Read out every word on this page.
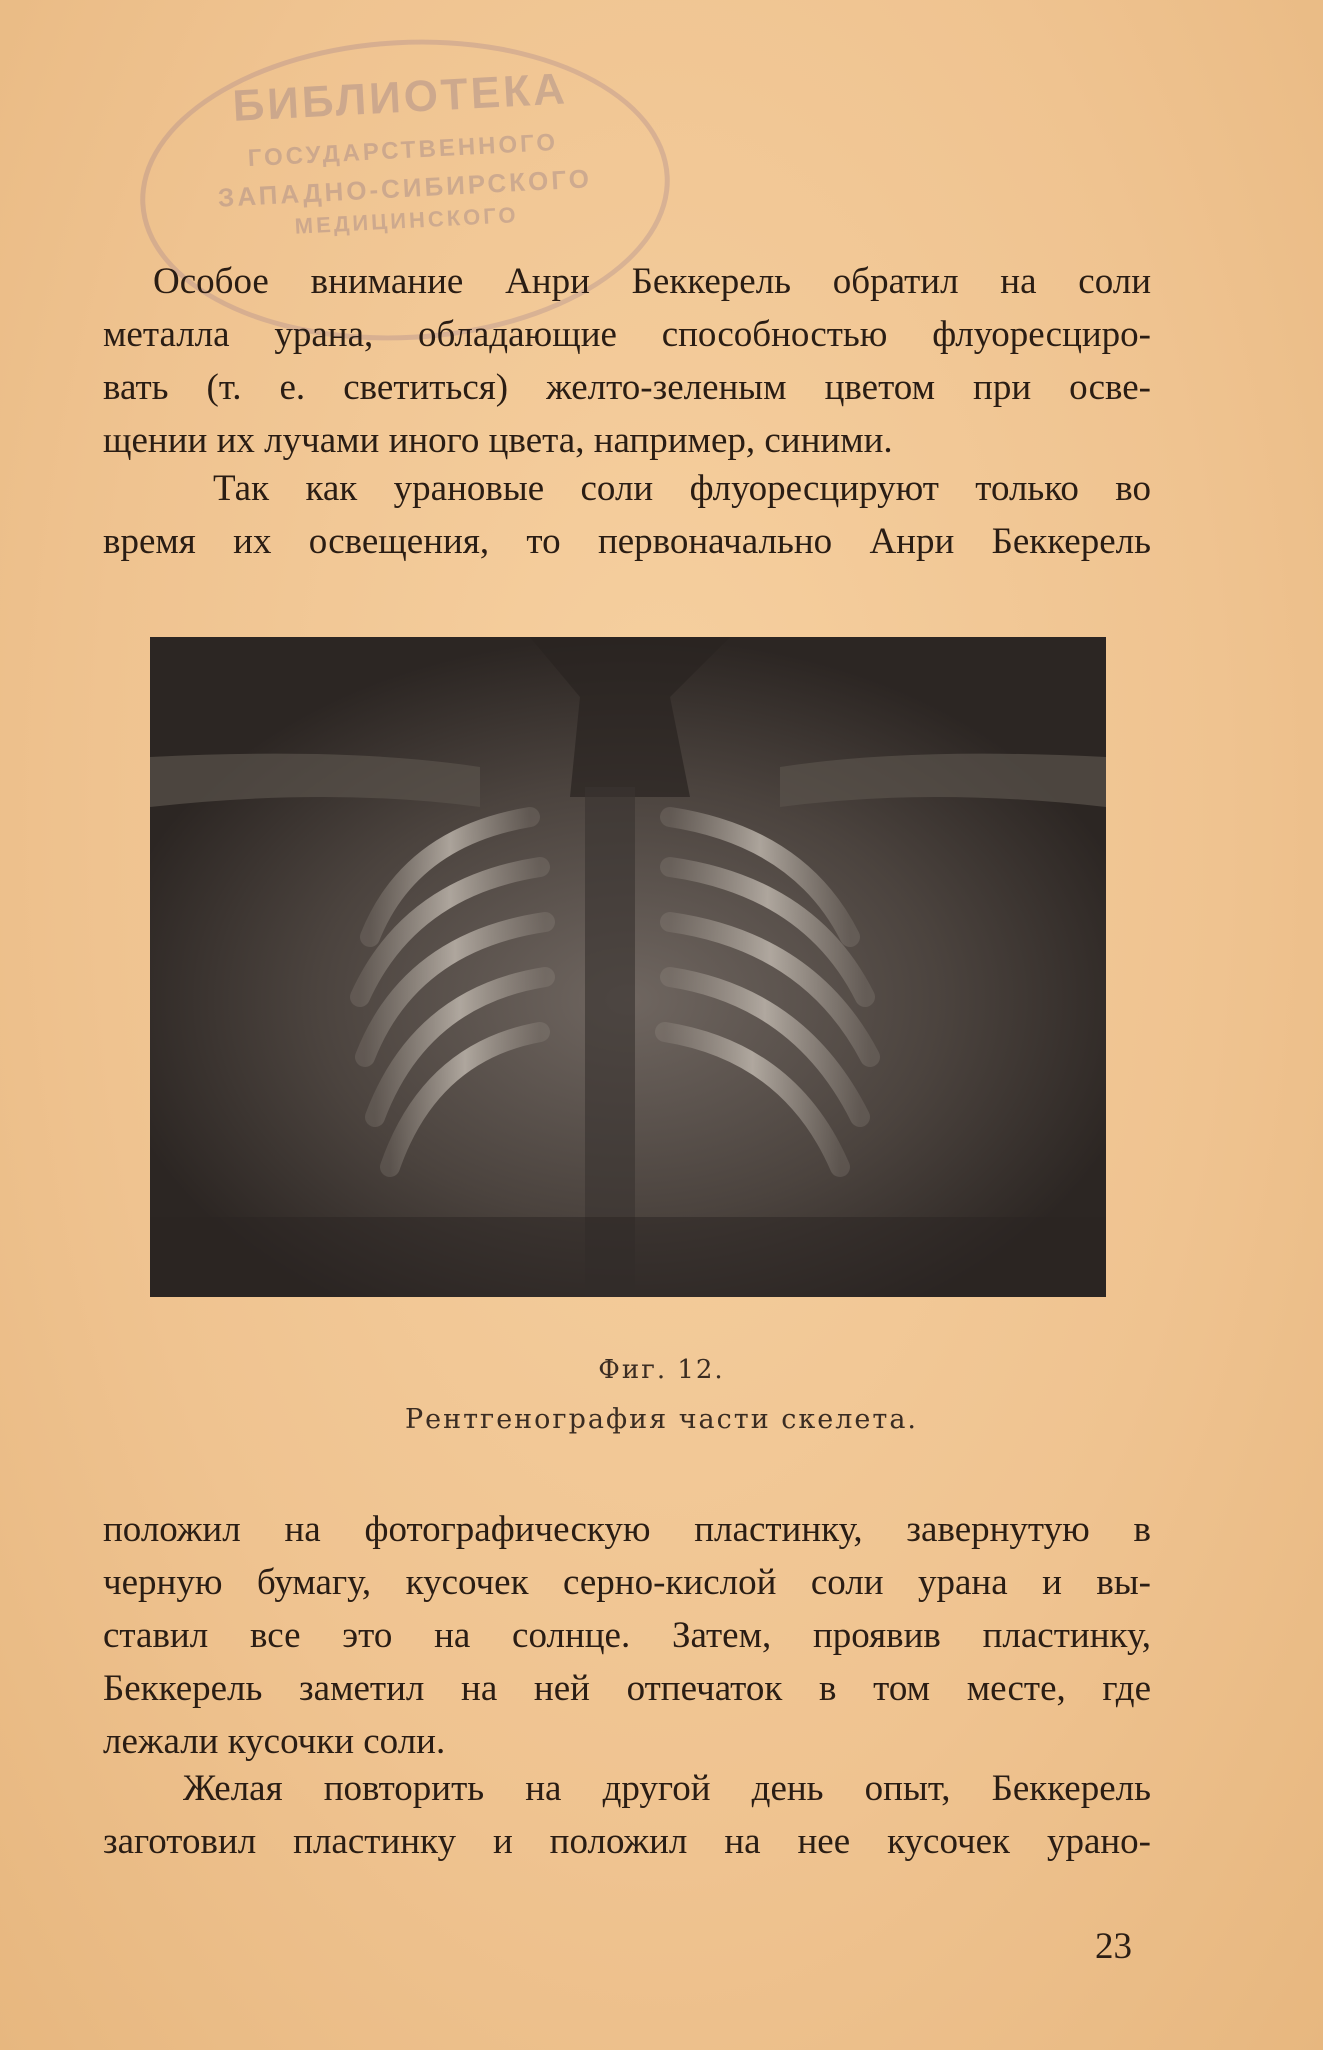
БИБЛИОТЕКА
ГОСУДАРСТВЕННОГО
ЗАПАДНО-СИБИРСКОГО
МЕДИЦИНСКОГО
Особое внимание Анри Беккерель обратил на соли
металла урана, обладающие способностью флуоресциро-
вать (т. е. светиться) желто-зеленым цветом при осве-
щении их лучами иного цвета, например, синими.
Так как урановые соли флуоресцируют только во
время их освещения, то первоначально Анри Беккерель
Фиг. 12.
Рентгенография части скелета.
положил на фотографическую пластинку, завернутую в
черную бумагу, кусочек серно-кислой соли урана и вы-
ставил все это на солнце. Затем, проявив пластинку,
Беккерель заметил на ней отпечаток в том месте, где
лежали кусочки соли.
Желая повторить на другой день опыт, Беккерель
заготовил пластинку и положил на нее кусочек урано-
23
